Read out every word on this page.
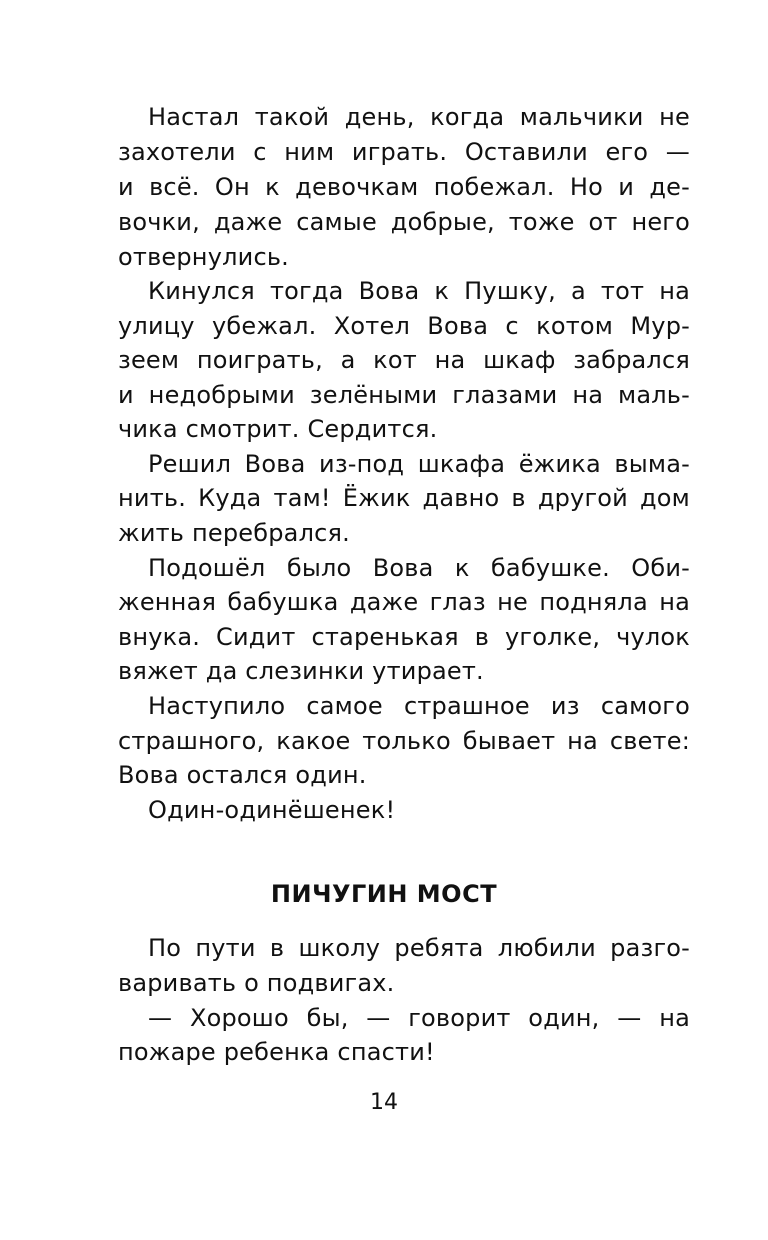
Настал такой день, когда мальчики не
захотели с ним играть. Оставили его —
и всё. Он к девочкам побежал. Но и де-
вочки, даже самые добрые, тоже от него
отвернулись.
Кинулся тогда Вова к Пушку, а тот на
улицу убежал. Хотел Вова с котом Мур-
зеем поиграть, а кот на шкаф забрался
и недобрыми зелёными глазами на маль-
чика смотрит. Сердится.
Решил Вова из-под шкафа ёжика выма-
нить. Куда там! Ёжик давно в другой дом
жить перебрался.
Подошёл было Вова к бабушке. Оби-
женная бабушка даже глаз не подняла на
внука. Сидит старенькая в уголке, чулок
вяжет да слезинки утирает.
Наступило самое страшное из самого
страшного, какое только бывает на свете:
Вова остался один.
Один-одинёшенек!
ПИЧУГИН МОСТ
По пути в школу ребята любили разго-
варивать о подвигах.
— Хорошо бы, — говорит один, — на
пожаре ребенка спасти!
14
